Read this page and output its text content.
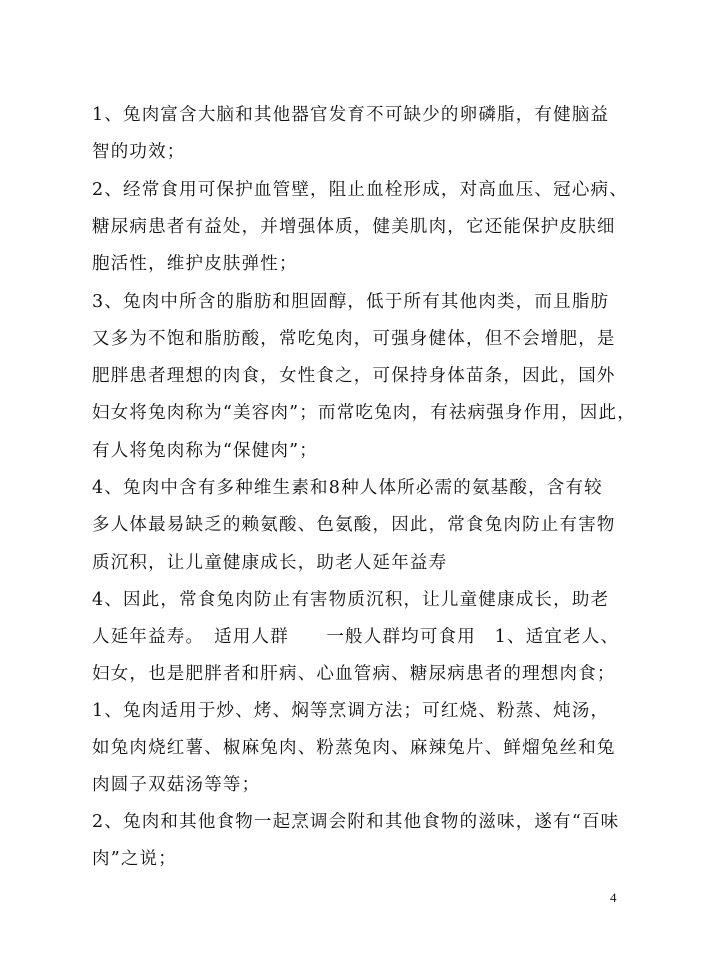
1、兔肉富含大脑和其他器官发育不可缺少的卵磷脂，有健脑益
智的功效；
2、经常食用可保护血管壁，阻止血栓形成，对高血压、冠心病、
糖尿病患者有益处，并增强体质，健美肌肉，它还能保护皮肤细
胞活性，维护皮肤弹性；
3、兔肉中所含的脂肪和胆固醇，低于所有其他肉类，而且脂肪
又多为不饱和脂肪酸，常吃兔肉，可强身健体，但不会增肥，是
肥胖患者理想的肉食，女性食之，可保持身体苗条，因此，国外
妇女将兔肉称为“美容肉”；而常吃兔肉，有祛病强身作用，因此，
有人将兔肉称为“保健肉”；
4、兔肉中含有多种维生素和8种人体所必需的氨基酸，含有较
多人体最易缺乏的赖氨酸、色氨酸，因此，常食兔肉防止有害物
质沉积，让儿童健康成长，助老人延年益寿
4、因此，常食兔肉防止有害物质沉积，让儿童健康成长，助老
人延年益寿。　适用人群　　一般人群均可食用　1、适宜老人、
妇女，也是肥胖者和肝病、心血管病、糖尿病患者的理想肉食；
1、兔肉适用于炒、烤、焖等烹调方法；可红烧、粉蒸、炖汤，
如兔肉烧红薯、椒麻兔肉、粉蒸兔肉、麻辣兔片、鲜熘兔丝和兔
肉圆子双菇汤等等；
2、兔肉和其他食物一起烹调会附和其他食物的滋味，遂有“百味
肉”之说；
4
